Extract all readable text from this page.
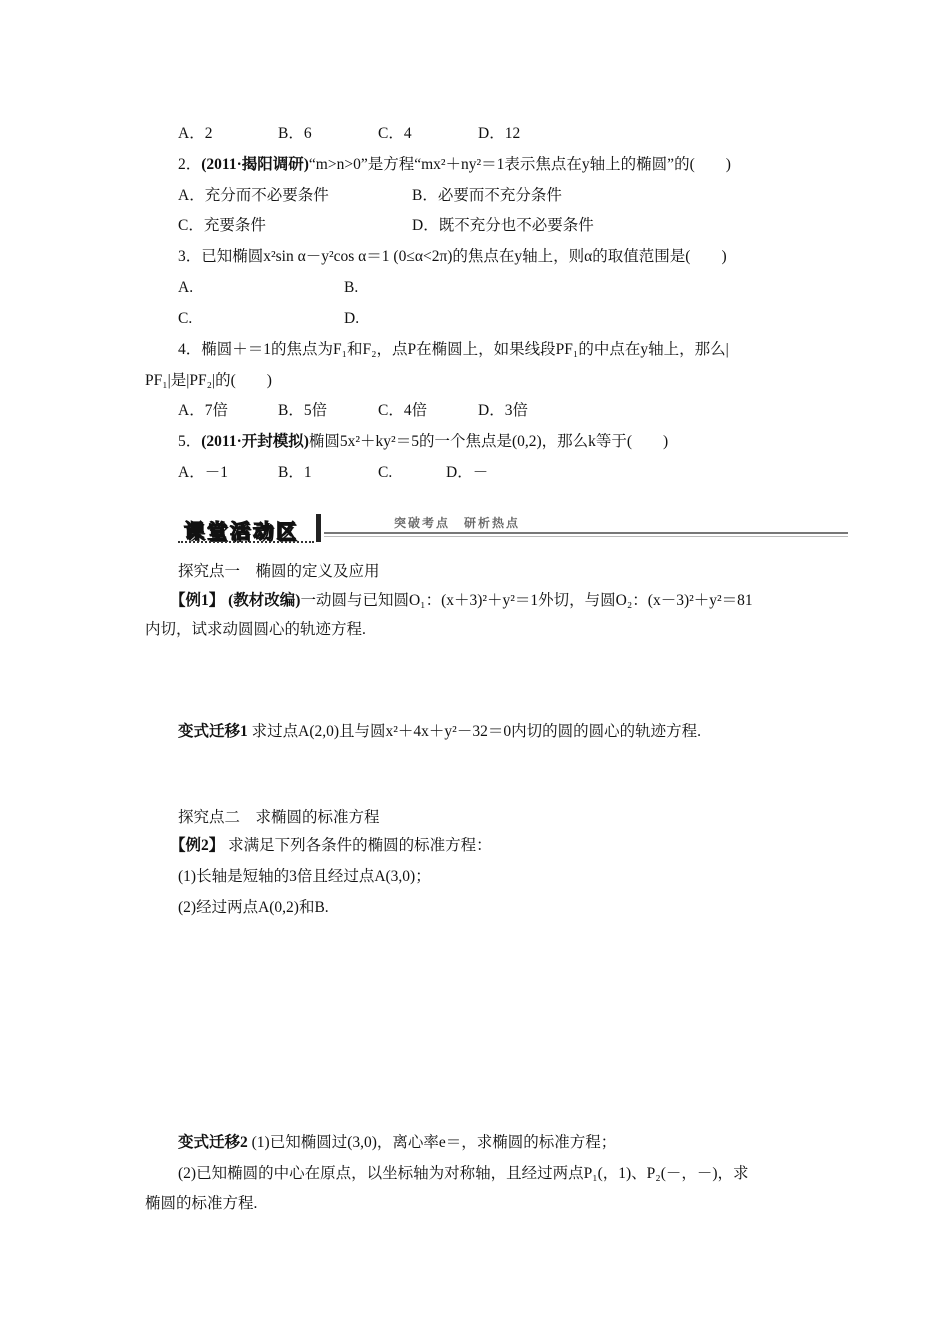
A．2	B．6	C．4	D．12
2．(2011·揭阳调研)“m>n>0”是方程“mx²＋ny²＝1表示焦点在y轴上的椭圆”的(　　)
A．充分而不必要条件	B．必要而不充分条件
C．充要条件	D．既不充分也不必要条件
3．已知椭圆x²sin α－y²cos α＝1 (0≤α<2π)的焦点在y轴上，则α的取值范围是(　　)
A.	B.
C.	D.
4．椭圆＋＝1的焦点为F₁和F₂，点P在椭圆上，如果线段PF₁的中点在y轴上，那么|
PF₁|是|PF₂|的(　　)
A．7倍	B．5倍	C．4倍	D．3倍
5．(2011·开封模拟)椭圆5x²＋ky²＝5的一个焦点是(0,2)，那么k等于(　　)
A．－1	B．1	C.	D．－
课堂活动区	突破考点　研析热点
探究点一　椭圆的定义及应用
【例1】 (教材改编)一动圆与已知圆O₁：(x＋3)²＋y²＝1外切，与圆O₂：(x－3)²＋y²＝81
内切，试求动圆圆心的轨迹方程.
变式迁移1 求过点A(2,0)且与圆x²＋4x＋y²－32＝0内切的圆的圆心的轨迹方程.
探究点二　求椭圆的标准方程
【例2】 求满足下列各条件的椭圆的标准方程：
(1)长轴是短轴的3倍且经过点A(3,0)；
(2)经过两点A(0,2)和B.
变式迁移2 (1)已知椭圆过(3,0)，离心率e＝，求椭圆的标准方程；
(2)已知椭圆的中心在原点，以坐标轴为对称轴，且经过两点P₁(，1)、P₂(－，－)，求
椭圆的标准方程.
